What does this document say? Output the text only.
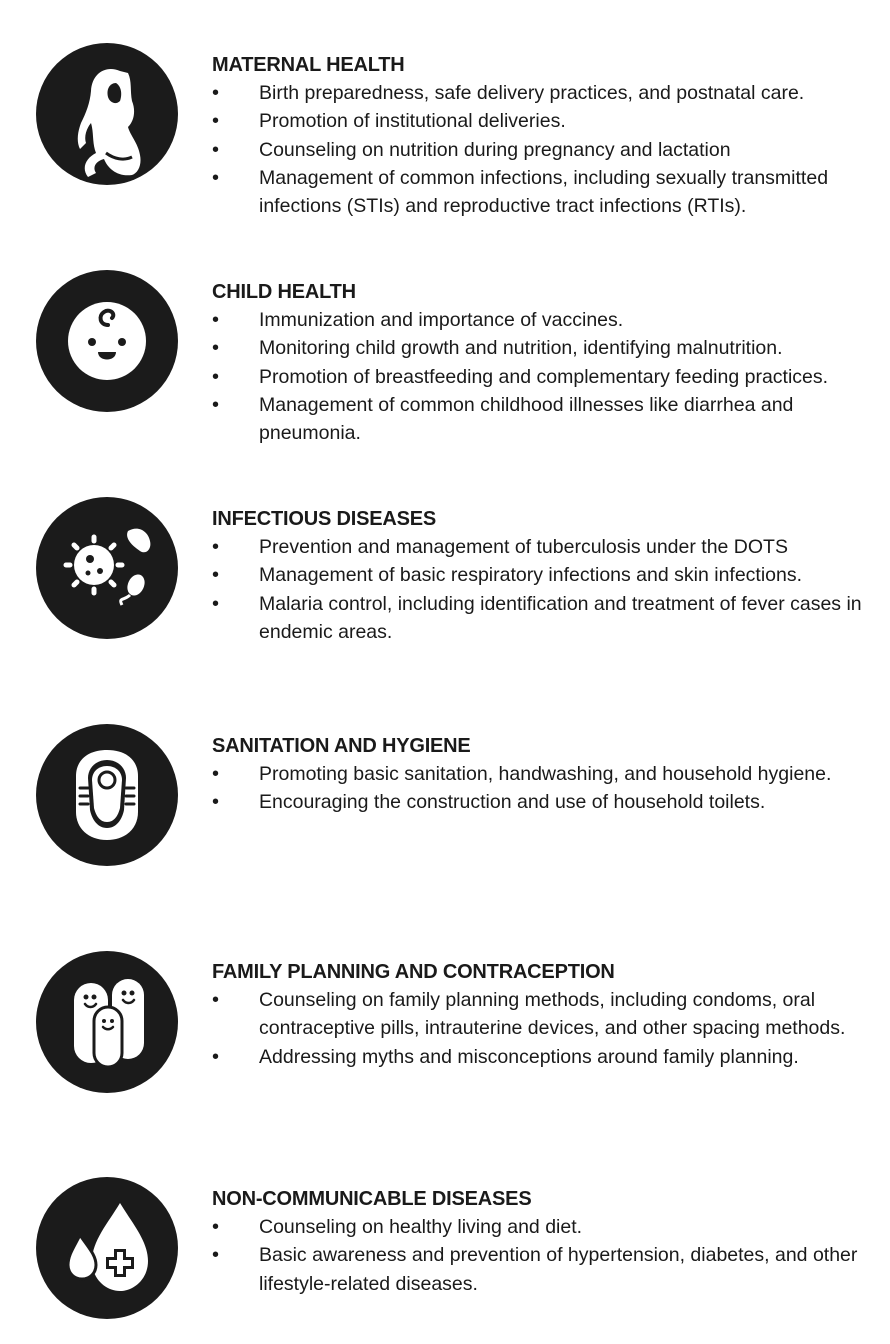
MATERNAL HEALTH

• Birth preparedness, safe delivery practices, and postnatal care.
• Promotion of institutional deliveries.
• Counseling on nutrition during pregnancy and lactation
• Management of common infections, including sexually transmitted infections (STIs) and reproductive tract infections (RTIs).

CHILD HEALTH

• Immunization and importance of vaccines.
• Monitoring child growth and nutrition, identifying malnutrition.
• Promotion of breastfeeding and complementary feeding practices.
• Management of common childhood illnesses like diarrhea and pneumonia.

INFECTIOUS DISEASES

• Prevention and management of tuberculosis under the DOTS
• Management of basic respiratory infections and skin infections.
• Malaria control, including identification and treatment of fever cases in endemic areas.

SANITATION AND HYGIENE

• Promoting basic sanitation, handwashing, and household hygiene.
• Encouraging the construction and use of household toilets.

FAMILY PLANNING AND CONTRACEPTION

• Counseling on family planning methods, including condoms, oral contraceptive pills, intrauterine devices, and other spacing methods.
• Addressing myths and misconceptions around family planning.

NON-COMMUNICABLE DISEASES

• Counseling on healthy living and diet.
• Basic awareness and prevention of hypertension, diabetes, and other lifestyle-related diseases.
